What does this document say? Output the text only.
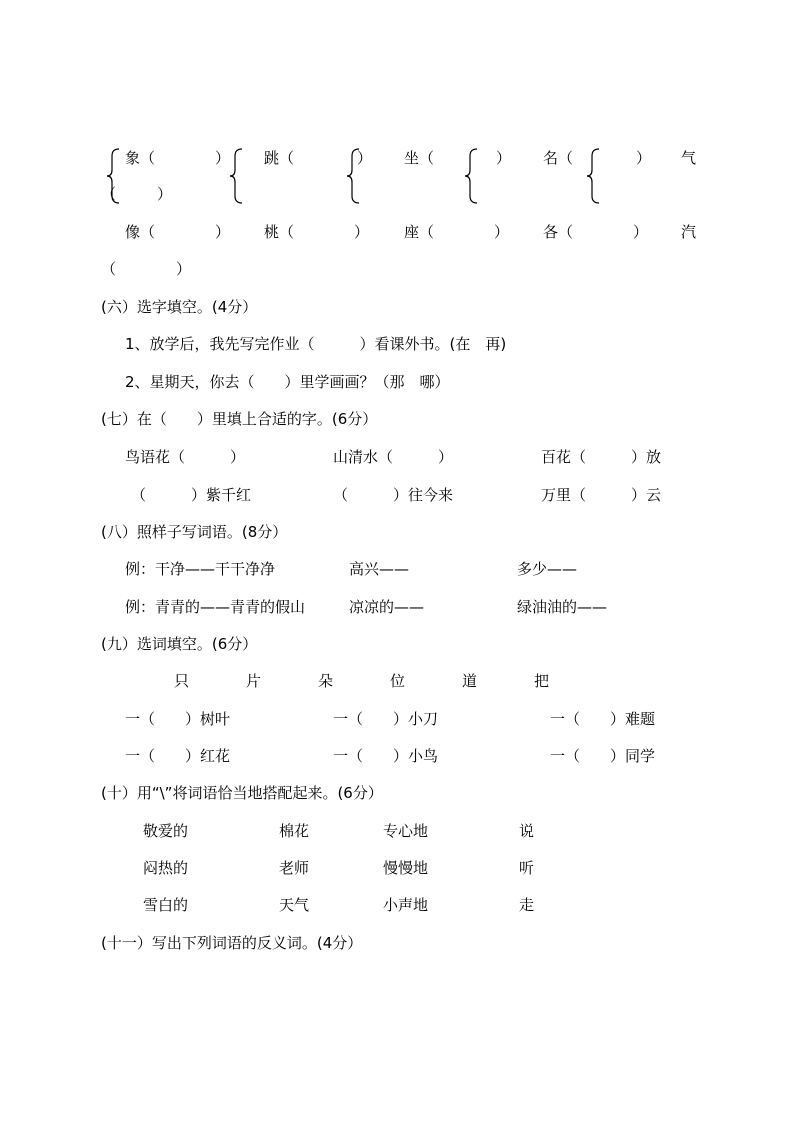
象（　　　　） 跳（	） 坐（	） 名（	） 气
（	）
像（　　　　） 桃（　　　　） 座（　　　　） 各（　　　　） 汽
（　　　　）
(六）选字填空。(4分）
1、放学后，我先写完作业（　　　）看课外书。(在　再)
2、星期天，你去（　　）里学画画？（那　哪）
(七）在（　　）里填上合适的字。(6分）
鸟语花（　　　）	山清水（　　　）	百花（　　　）放
（　　　）紫千红	（　　　）往今来	万里（　　　）云
(八）照样子写词语。(8分）
例：干净——干干净净	高兴——	多少——
例：青青的——青青的假山	凉凉的——	绿油油的——
(九）选词填空。(6分）
只	片	朵	位	道	把
一（　　）树叶	一（　　）小刀	一（　　）难题
一（　　）红花	一（　　）小鸟	一（　　）同学
(十）用“\”将词语恰当地搭配起来。(6分）
敬爱的	棉花	专心地	说
闷热的	老师	慢慢地	听
雪白的	天气	小声地	走
(十一）写出下列词语的反义词。(4分）
